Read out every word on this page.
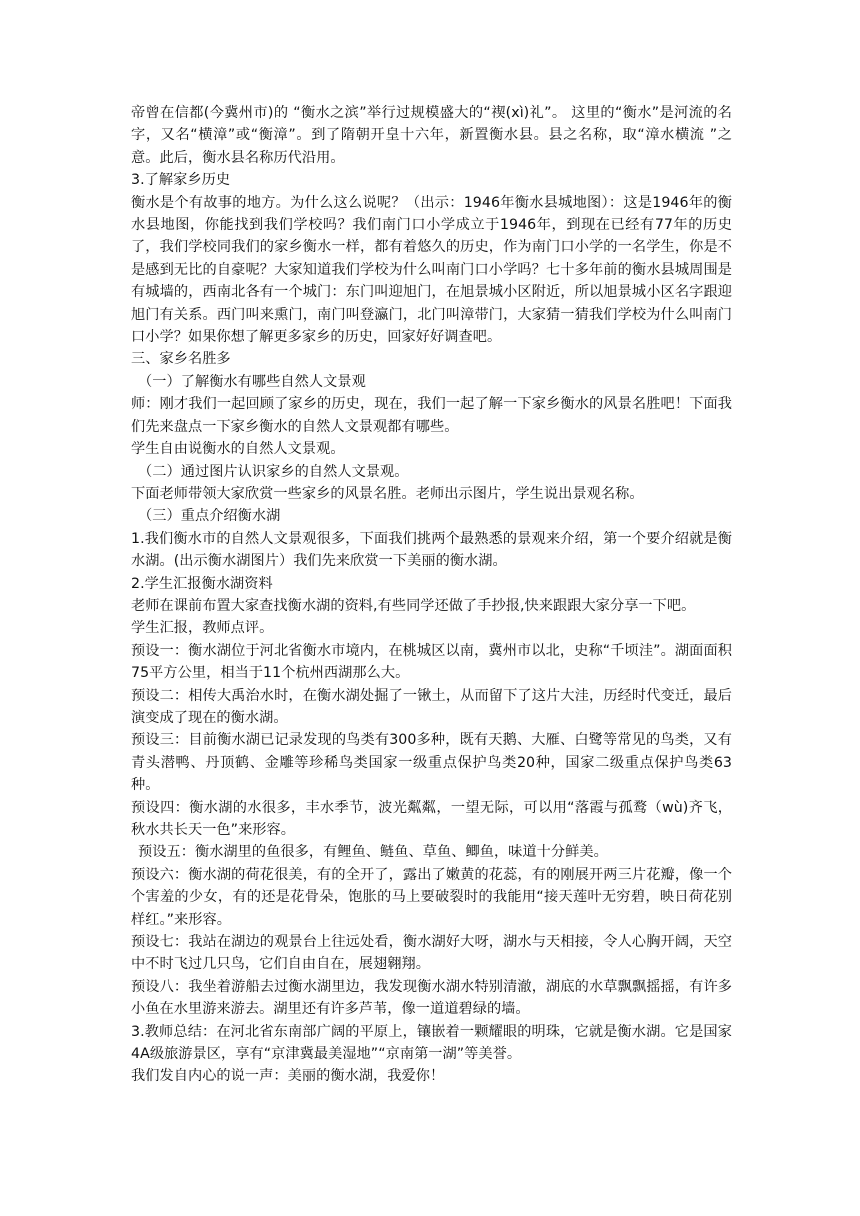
帝曾在信都(今冀州市)的 “衡水之滨”举行过规模盛大的“禊(xì)礼”。 这里的“衡水”是河流的名字，又名“横漳”或“衡漳”。到了隋朝开皇十六年，新置衡水县。县之名称，取“漳水横流 ”之意。此后，衡水县名称历代沿用。

3.了解家乡历史

衡水是个有故事的地方。为什么这么说呢？（出示：1946年衡水县城地图）：这是1946年的衡水县地图，你能找到我们学校吗？我们南门口小学成立于1946年，到现在已经有77年的历史了，我们学校同我们的家乡衡水一样，都有着悠久的历史，作为南门口小学的一名学生，你是不是感到无比的自豪呢？大家知道我们学校为什么叫南门口小学吗？七十多年前的衡水县城周围是有城墙的，西南北各有一个城门：东门叫迎旭门，在旭景城小区附近，所以旭景城小区名字跟迎旭门有关系。西门叫来熏门，南门叫登瀛门，北门叫漳带门，大家猜一猜我们学校为什么叫南门口小学？如果你想了解更多家乡的历史，回家好好调查吧。

三、家乡名胜多

（一）了解衡水有哪些自然人文景观

师：刚才我们一起回顾了家乡的历史，现在，我们一起了解一下家乡衡水的风景名胜吧！下面我们先来盘点一下家乡衡水的自然人文景观都有哪些。

学生自由说衡水的自然人文景观。

（二）通过图片认识家乡的自然人文景观。

下面老师带领大家欣赏一些家乡的风景名胜。老师出示图片，学生说出景观名称。

（三）重点介绍衡水湖

1.我们衡水市的自然人文景观很多，下面我们挑两个最熟悉的景观来介绍，第一个要介绍就是衡水湖。(出示衡水湖图片）我们先来欣赏一下美丽的衡水湖。

2.学生汇报衡水湖资料

老师在课前布置大家查找衡水湖的资料,有些同学还做了手抄报,快来跟跟大家分享一下吧。

学生汇报，教师点评。

预设一：衡水湖位于河北省衡水市境内，在桃城区以南，冀州市以北，史称“千顷洼”。湖面面积75平方公里，相当于11个杭州西湖那么大。

预设二：相传大禹治水时，在衡水湖处掘了一锹土，从而留下了这片大洼，历经时代变迁，最后演变成了现在的衡水湖。

预设三：目前衡水湖已记录发现的鸟类有300多种，既有天鹅、大雁、白鹭等常见的鸟类，又有青头潜鸭、丹顶鹤、金雕等珍稀鸟类国家一级重点保护鸟类20种，国家二级重点保护鸟类63种。

预设四：衡水湖的水很多，丰水季节，波光粼粼，一望无际，可以用“落霞与孤鹜（wù)齐飞，秋水共长天一色”来形容。

预设五：衡水湖里的鱼很多，有鲤鱼、鲢鱼、草鱼、鲫鱼，味道十分鲜美。

预设六：衡水湖的荷花很美，有的全开了，露出了嫩黄的花蕊，有的刚展开两三片花瓣，像一个个害羞的少女，有的还是花骨朵，饱胀的马上要破裂时的我能用“接天莲叶无穷碧，映日荷花别样红。”来形容。

预设七：我站在湖边的观景台上往远处看，衡水湖好大呀，湖水与天相接，令人心胸开阔，天空中不时飞过几只鸟，它们自由自在，展翅翱翔。

预设八：我坐着游船去过衡水湖里边，我发现衡水湖水特别清澈，湖底的水草飘飘摇摇，有许多小鱼在水里游来游去。湖里还有许多芦苇，像一道道碧绿的墙。

3.教师总结：在河北省东南部广阔的平原上，镶嵌着一颗耀眼的明珠，它就是衡水湖。它是国家4A级旅游景区，享有“京津冀最美湿地”“京南第一湖”等美誉。

我们发自内心的说一声：美丽的衡水湖，我爱你！
